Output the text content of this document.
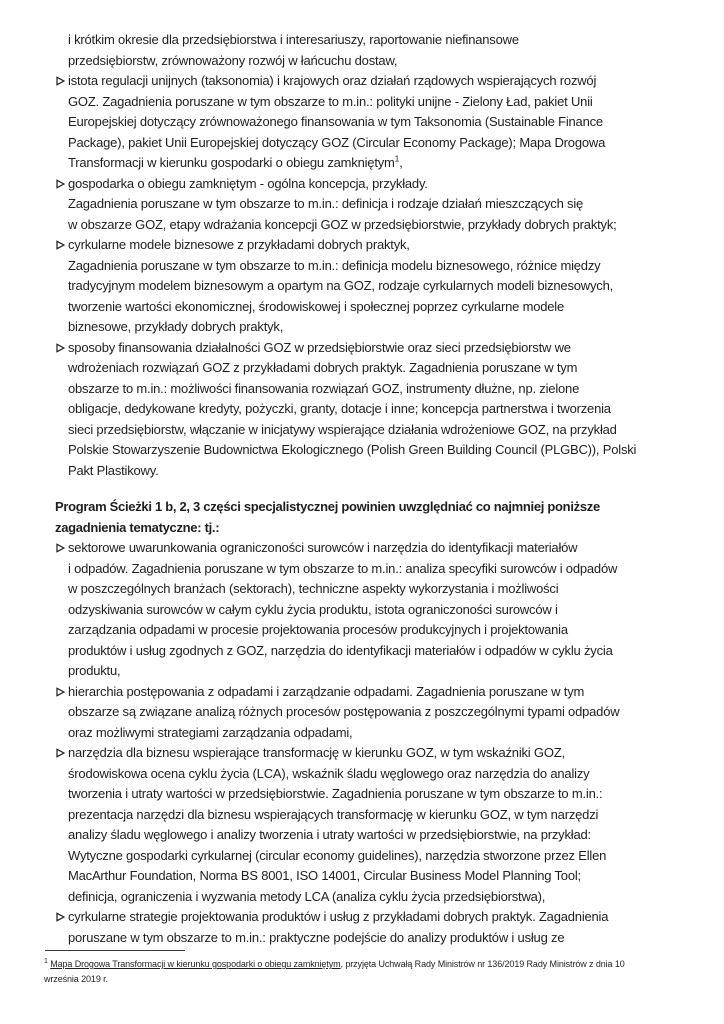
i krótkim okresie dla przedsiębiorstwa i interesariuszy, raportowanie niefinansowe
przedsiębiorstw, zrównoważony rozwój w łańcuchu dostaw,
istota regulacji unijnych (taksonomia) i krajowych oraz działań rządowych wspierających rozwój
GOZ. Zagadnienia poruszane w tym obszarze to m.in.: polityki unijne - Zielony Ład, pakiet Unii
Europejskiej dotyczący zrównoważonego finansowania w tym Taksonomia (Sustainable Finance
Package), pakiet Unii Europejskiej dotyczący GOZ (Circular Economy Package); Mapa Drogowa
Transformacji w kierunku gospodarki o obiegu zamkniętym$^1$,
gospodarka o obiegu zamkniętym - ogólna koncepcja, przykłady.
Zagadnienia poruszane w tym obszarze to m.in.: definicja i rodzaje działań mieszczących się
w obszarze GOZ, etapy wdrażania koncepcji GOZ w przedsiębiorstwie, przykłady dobrych praktyk;
cyrkularne modele biznesowe z przykładami dobrych praktyk,
Zagadnienia poruszane w tym obszarze to m.in.: definicja modelu biznesowego, różnice między
tradycyjnym modelem biznesowym a opartym na GOZ, rodzaje cyrkularnych modeli biznesowych,
tworzenie wartości ekonomicznej, środowiskowej i społecznej poprzez cyrkularne modele
biznesowe, przykłady dobrych praktyk,
sposoby finansowania działalności GOZ w przedsiębiorstwie oraz sieci przedsiębiorstw we
wdrożeniach rozwiązań GOZ z przykładami dobrych praktyk. Zagadnienia poruszane w tym
obszarze to m.in.: możliwości finansowania rozwiązań GOZ, instrumenty dłużne, np. zielone
obligacje, dedykowane kredyty, pożyczki, granty, dotacje i inne; koncepcja partnerstwa i tworzenia
sieci przedsiębiorstw, włączanie w inicjatywy wspierające działania wdrożeniowe GOZ, na przykład
Polskie Stowarzyszenie Budownictwa Ekologicznego (Polish Green Building Council (PLGBC)), Polski
Pakt Plastikowy.
Program Ścieżki 1 b, 2, 3 części specjalistycznej powinien uwzględniać co najmniej poniższe
zagadnienia tematyczne: tj.:
sektorowe uwarunkowania ograniczoności surowców i narzędzia do identyfikacji materiałów
i odpadów. Zagadnienia poruszane w tym obszarze to m.in.: analiza specyfiki surowców i odpadów
w poszczególnych branżach (sektorach), techniczne aspekty wykorzystania i możliwości
odzyskiwania surowców w całym cyklu życia produktu, istota ograniczoności surowców i
zarządzania odpadami w procesie projektowania procesów produkcyjnych i projektowania
produktów i usług zgodnych z GOZ, narzędzia do identyfikacji materiałów i odpadów w cyklu życia
produktu,
hierarchia postępowania z odpadami i zarządzanie odpadami. Zagadnienia poruszane w tym
obszarze są związane analizą różnych procesów postępowania z poszczególnymi typami odpadów
oraz możliwymi strategiami zarządzania odpadami,
narzędzia dla biznesu wspierające transformację w kierunku GOZ, w tym wskaźniki GOZ,
środowiskowa ocena cyklu życia (LCA), wskaźnik śladu węglowego oraz narzędzia do analizy
tworzenia i utraty wartości w przedsiębiorstwie. Zagadnienia poruszane w tym obszarze to m.in.:
prezentacja narzędzi dla biznesu wspierających transformację w kierunku GOZ, w tym narzędzi
analizy śladu węglowego i analizy tworzenia i utraty wartości w przedsiębiorstwie, na przykład:
Wytyczne gospodarki cyrkularnej (circular economy guidelines), narzędzia stworzone przez Ellen
MacArthur Foundation, Norma BS 8001, ISO 14001, Circular Business Model Planning Tool;
definicja, ograniczenia i wyzwania metody LCA (analiza cyklu życia przedsiębiorstwa),
cyrkularne strategie projektowania produktów i usług z przykładami dobrych praktyk. Zagadnienia
poruszane w tym obszarze to m.in.: praktyczne podejście do analizy produktów i usług ze
$^1$ Mapa Drogowa Transformacji w kierunku gospodarki o obiegu zamkniętym, przyjęta Uchwałą Rady Ministrów nr 136/2019 Rady Ministrów z dnia 10
września 2019 r.
